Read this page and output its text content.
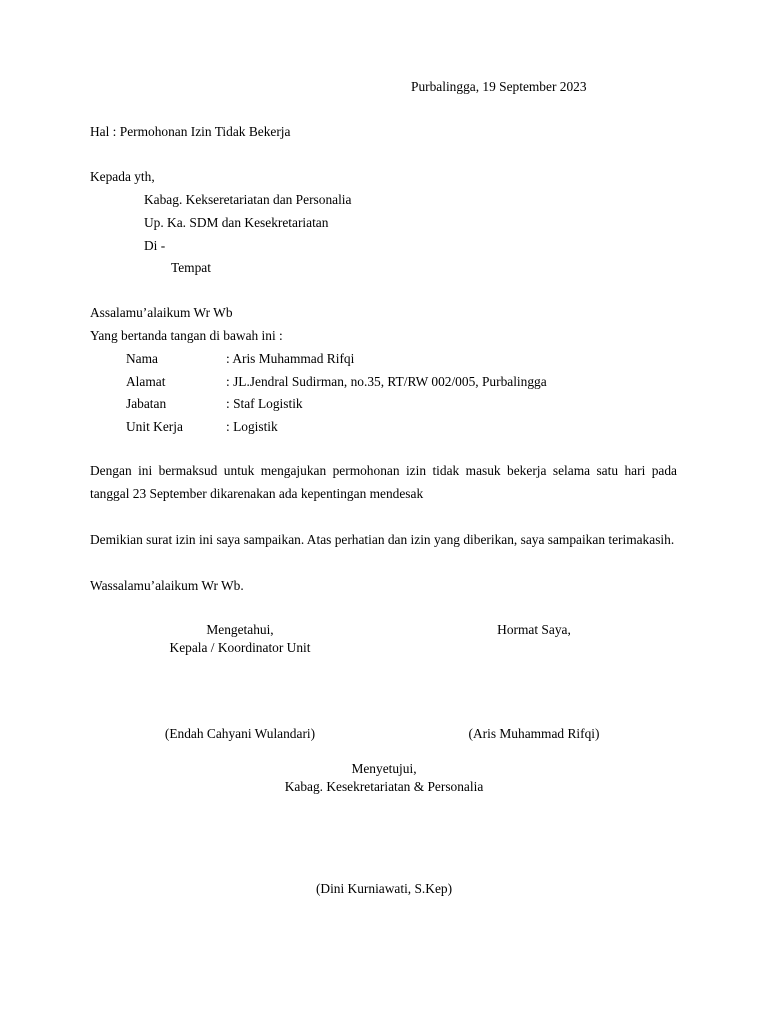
Purbalingga, 19 September 2023
Hal : Permohonan Izin Tidak Bekerja
Kepada yth,
Kabag. Kekseretariatan dan Personalia
Up. Ka. SDM dan Kesekretariatan
Di -
Tempat
Assalamu’alaikum Wr Wb
Yang bertanda tangan di bawah ini :
Nama	: Aris Muhammad Rifqi
Alamat	: JL.Jendral Sudirman, no.35, RT/RW 002/005, Purbalingga
Jabatan	: Staf Logistik
Unit Kerja	: Logistik
Dengan ini bermaksud untuk mengajukan permohonan izin tidak masuk bekerja selama satu hari pada tanggal 23 September dikarenakan ada kepentingan mendesak
Demikian surat izin ini saya sampaikan. Atas perhatian dan izin yang diberikan, saya sampaikan terimakasih.
Wassalamu’alaikum Wr Wb.
Mengetahui,
Kepala / Koordinator Unit
Hormat Saya,
(Endah Cahyani Wulandari)	(Aris Muhammad Rifqi)
Menyetujui,
Kabag. Kesekretariatan & Personalia
(Dini Kurniawati, S.Kep)
